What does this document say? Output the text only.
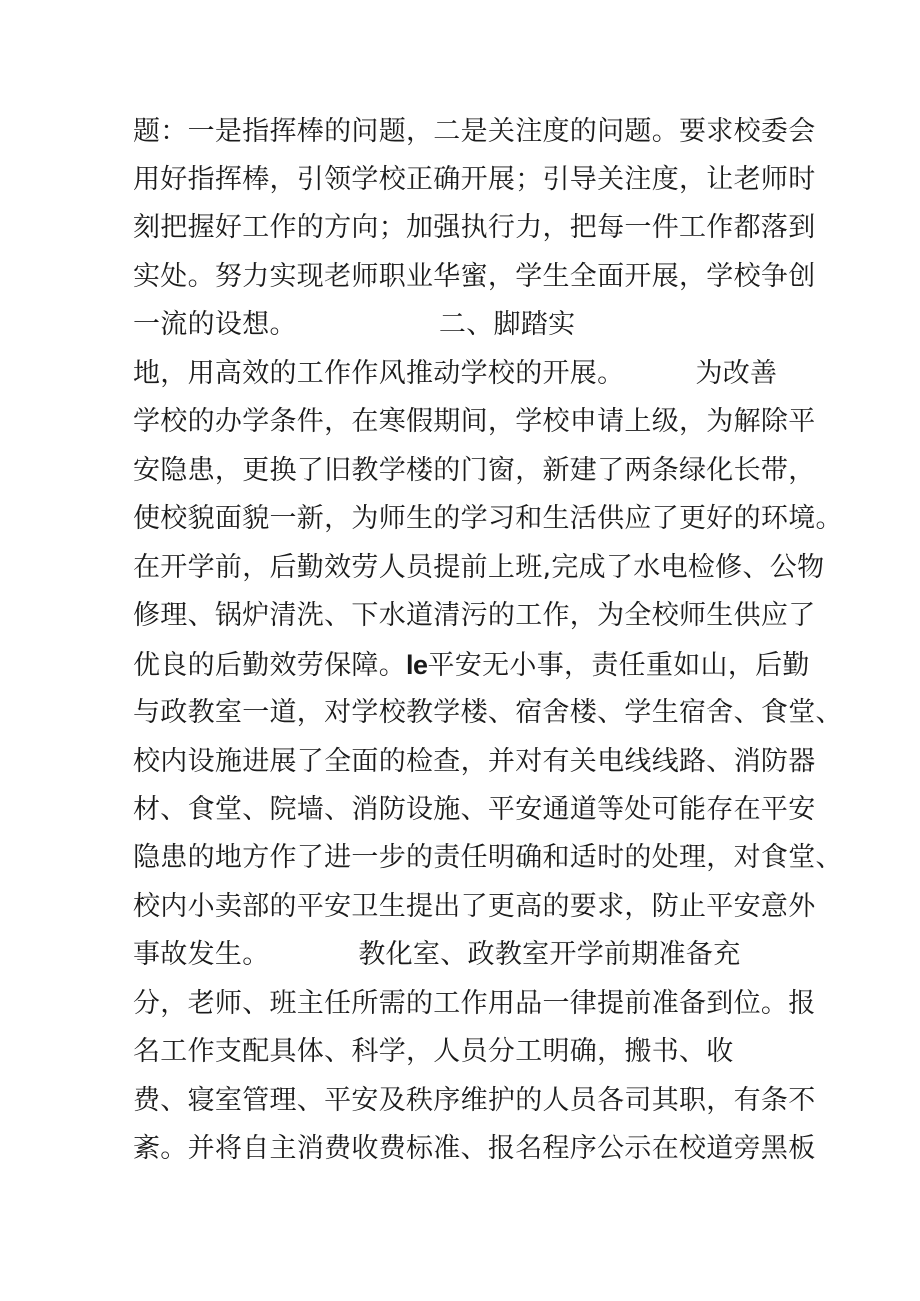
题：一是指挥棒的问题，二是关注度的问题。要求校委会
用好指挥棒，引领学校正确开展；引导关注度，让老师时
刻把握好工作的方向；加强执行力，把每一件工作都落到
实处。努力实现老师职业华蜜，学生全面开展，学校争创
一流的设想。                二、脚踏实
地，用高效的工作作风推动学校的开展。        为改善
学校的办学条件，在寒假期间，学校申请上级，为解除平
安隐患，更换了旧教学楼的门窗，新建了两条绿化长带，
使校貌面貌一新，为师生的学习和生活供应了更好的环境。
在开学前，后勤效劳人员提前上班,完成了水电检修、公物
修理、锅炉清洗、下水道清污的工作，为全校师生供应了
优良的后勤效劳保障。le平安无小事，责任重如山，后勤
与政教室一道，对学校教学楼、宿舍楼、学生宿舍、食堂、
校内设施进展了全面的检查，并对有关电线线路、消防器
材、食堂、院墙、消防设施、平安通道等处可能存在平安
隐患的地方作了进一步的责任明确和适时的处理，对食堂、
校内小卖部的平安卫生提出了更高的要求，防止平安意外
事故发生。          教化室、政教室开学前期准备充
分，老师、班主任所需的工作用品一律提前准备到位。报
名工作支配具体、科学，人员分工明确，搬书、收
费、寝室管理、平安及秩序维护的人员各司其职，有条不
紊。并将自主消费收费标准、报名程序公示在校道旁黑板
